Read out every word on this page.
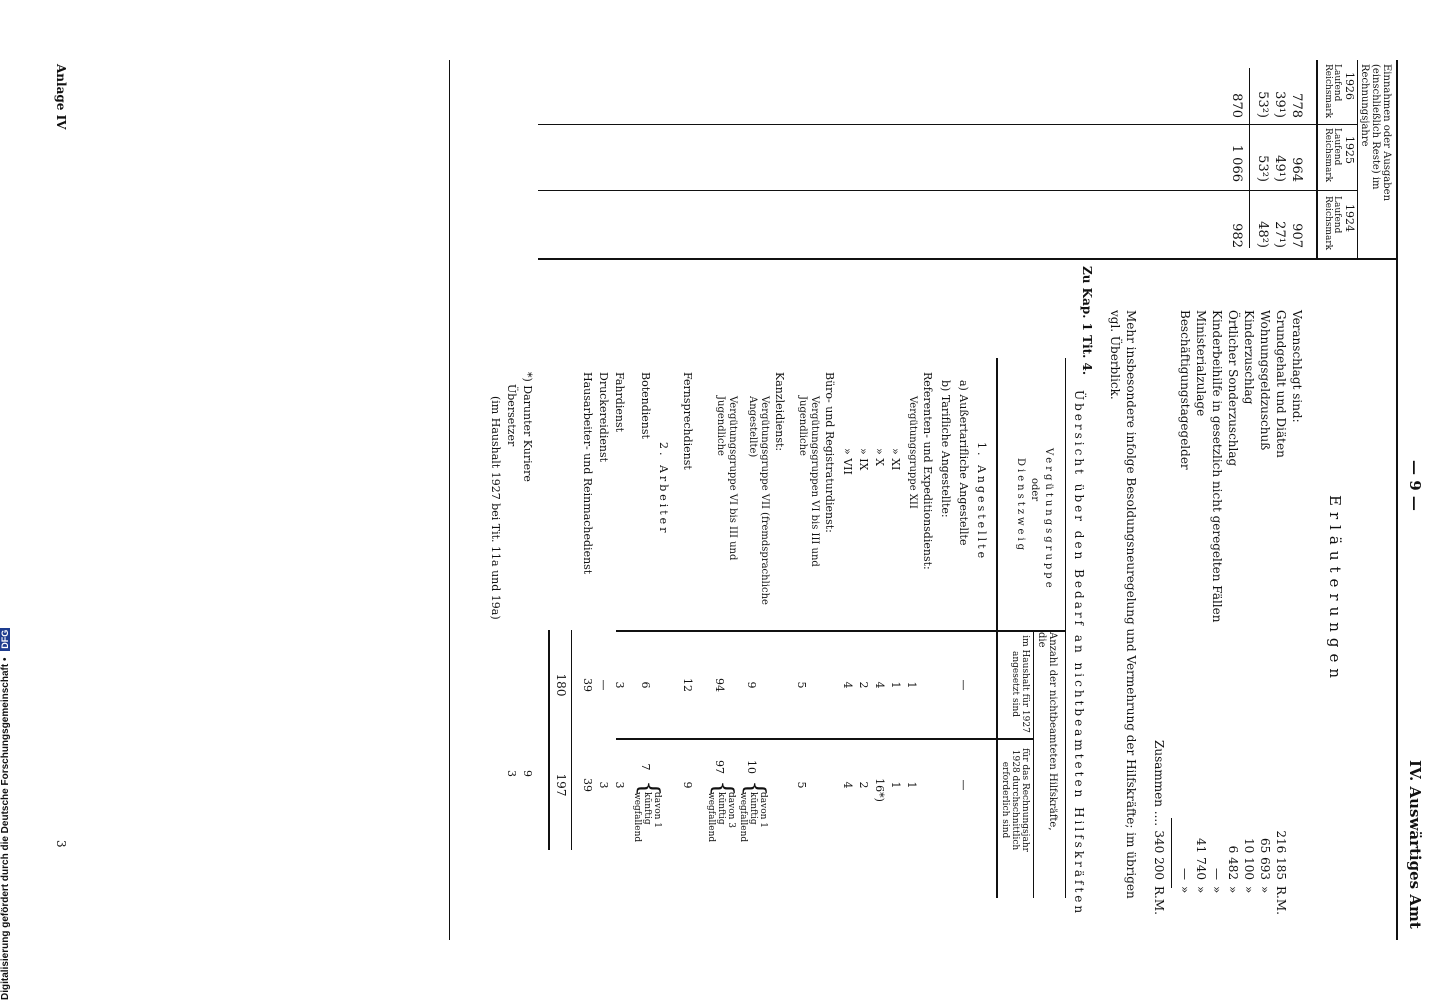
— 9 —
IV. Auswärtiges Amt
Einnahmen oder Ausgaben (einschließlich Reste) im Rechnungsjahre
1926
1925
1924
Laufend Reichsmark
Laufend Reichsmark
Laufend Reichsmark
778
964
907
39¹)
49¹)
27¹)
53²)
53²)
48²)
870
1 066
982
Erläuterungen
Veranschlagt sind:
Grundgehalt und Diäten
216 185
R.M.
Wohnungsgeldzuschuß
65 693
»
Kinderzuschlag
10 100
»
Örtlicher Sonderzuschlag
6 482
»
Kinderbeihilfe in gesetzlich nicht geregelten Fällen
—
»
Ministerialzulage
41 740
»
Beschäftigungstagegelder
—
»
Zusammen ....
340 200
R.M.
Mehr insbesondere infolge Besoldungsneuregelung und Vermehrung der Hilfskräfte; im übrigen
vgl. Überblick.
Zu Kap. 1 Tit. 4.
Übersicht über den Bedarf an nichtbeamteten Hilfskräften
Vergütungsgruppe
oder
Dienstzweig
Anzahl der nichtbeamteten Hilfskräfte, die
im Haushalt für 1927 angesetzt sind
für das Rechnungsjahr 1928 durchschnittlich erforderlich sind
1. Angestellte
a) Außertarifliche Angestellte
—
—
b) Tarifliche Angestellte:
Referenten- und Expeditionsdienst:
Vergütungsgruppe XII
1
1
» XI
1
1
» X
4
16*)
» IX
2
2
» VII
4
4
Büro- und Registraturdienst:
Vergütungsgruppen VI bis III und Jugendliche
5
5
Kanzleidienst:
Vergütungsgruppe VII (fremdsprachliche Angestellte)
9
10
{
davon 1 künftig wegfallend
Vergütungsgruppe VI bis III und Jugendliche
94
97
{
davon 3 künftig wegfallend
Fernsprechdienst
12
9
2. Arbeiter
Botendienst
6
7
{
davon 1 künftig wegfallend
Fahrdienst
3
3
Druckereidienst
—
3
Hausarbeiter- und Reinmachedienst
39
39
180
197
*) Darunter Kuriere
9
Übersetzer
3
(im Haushalt 1927 bei Tit. 11a und 19a)
Anlage IV
3
Digitalisierung gefördert durch die Deutsche Forschungsgemeinschaft • DFG
